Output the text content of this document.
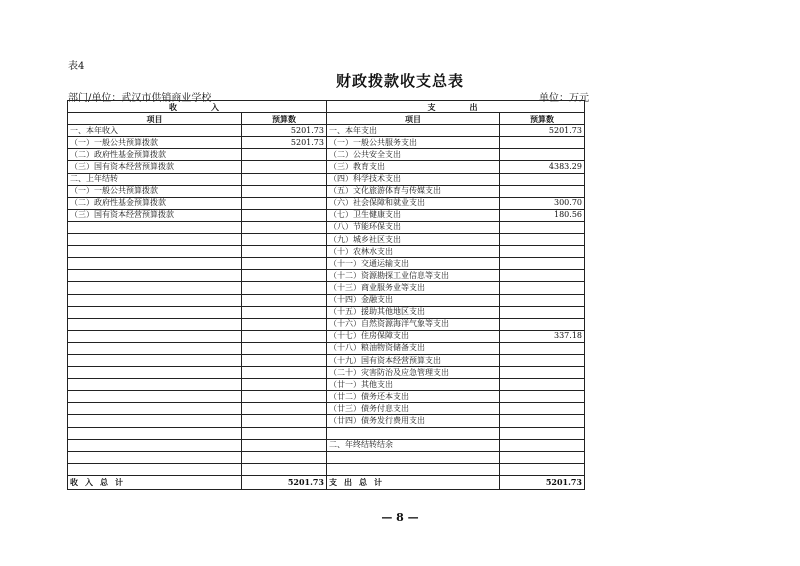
表4
财政拨款收支总表
部门/单位：武汉市供销商业学校	单位：万元
收　　入		支　　出	
项目	预算数	项目	预算数
一、本年收入	5201.73	一、本年支出	5201.73
（一）一般公共预算拨款	5201.73	（一）一般公共服务支出	
（二）政府性基金预算拨款		（二）公共安全支出	
（三）国有资本经营预算拨款		（三）教育支出	4383.29
二、上年结转		（四）科学技术支出	
（一）一般公共预算拨款		（五）文化旅游体育与传媒支出	
（二）政府性基金预算拨款		（六）社会保障和就业支出	300.70
（三）国有资本经营预算拨款		（七）卫生健康支出	180.56
		（八）节能环保支出	
		（九）城乡社区支出	
		（十）农林水支出	
		（十一）交通运输支出	
		（十二）资源勘探工业信息等支出	
		（十三）商业服务业等支出	
		（十四）金融支出	
		（十五）援助其他地区支出	
		（十六）自然资源海洋气象等支出	
		（十七）住房保障支出	337.18
		（十八）粮油物资储备支出	
		（十九）国有资本经营预算支出	
		（二十）灾害防治及应急管理支出	
		（廿一）其他支出	
		（廿二）债务还本支出	
		（廿三）债务付息支出	
		（廿四）债务发行费用支出	

		二、年终结转结余	

收入总计	5201.73	支出总计	5201.73
— 8 —
